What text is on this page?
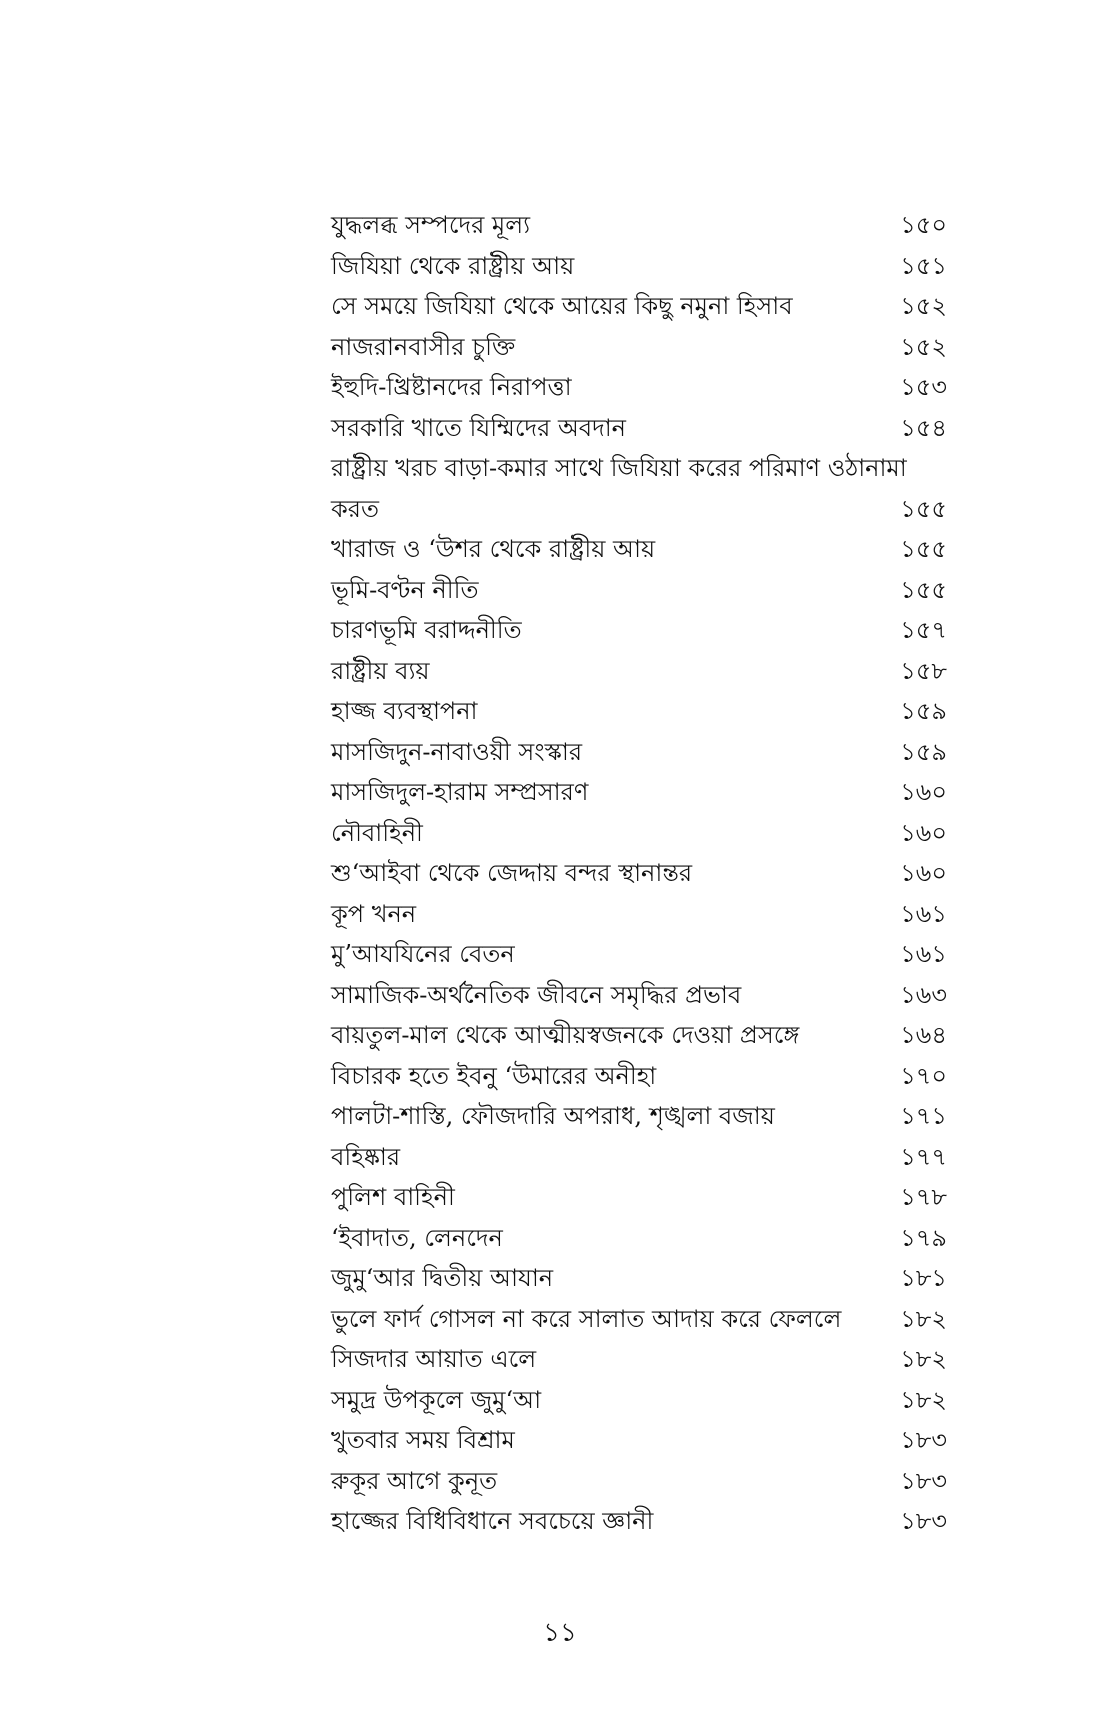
যুদ্ধলব্ধ সম্পদের মূল্য	১৫০
জিযিয়া থেকে রাষ্ট্রীয় আয়	১৫১
সে সময়ে জিযিয়া থেকে আয়ের কিছু নমুনা হিসাব	১৫২
নাজরানবাসীর চুক্তি	১৫২
ইহুদি-খ্রিষ্টানদের নিরাপত্তা	১৫৩
সরকারি খাতে যিম্মিদের অবদান	১৫৪
রাষ্ট্রীয় খরচ বাড়া-কমার সাথে জিযিয়া করের পরিমাণ ওঠানামা
করত	১৫৫
খারাজ ও ‘উশর থেকে রাষ্ট্রীয় আয়	১৫৫
ভূমি-বণ্টন নীতি	১৫৫
চারণভূমি বরাদ্দনীতি	১৫৭
রাষ্ট্রীয় ব্যয়	১৫৮
হাজ্জ ব্যবস্থাপনা	১৫৯
মাসজিদুন-নাবাওয়ী সংস্কার	১৫৯
মাসজিদুল-হারাম সম্প্রসারণ	১৬০
নৌবাহিনী	১৬০
শু‘আইবা থেকে জেদ্দায় বন্দর স্থানান্তর	১৬০
কূপ খনন	১৬১
মু’আযযিনের বেতন	১৬১
সামাজিক-অর্থনৈতিক জীবনে সমৃদ্ধির প্রভাব	১৬৩
বায়তুল-মাল থেকে আত্মীয়স্বজনকে দেওয়া প্রসঙ্গে	১৬৪
বিচারক হতে ইবনু ‘উমারের অনীহা	১৭০
পালটা-শাস্তি, ফৌজদারি অপরাধ, শৃঙ্খলা বজায়	১৭১
বহিষ্কার	১৭৭
পুলিশ বাহিনী	১৭৮
‘ইবাদাত, লেনদেন	১৭৯
জুমু‘আর দ্বিতীয় আযান	১৮১
ভুলে ফার্দ গোসল না করে সালাত আদায় করে ফেললে	১৮২
সিজদার আয়াত এলে	১৮২
সমুদ্র উপকূলে জুমু‘আ	১৮২
খুতবার সময় বিশ্রাম	১৮৩
রুকূর আগে কুনূত	১৮৩
হাজ্জের বিধিবিধানে সবচেয়ে জ্ঞানী	১৮৩
১১
